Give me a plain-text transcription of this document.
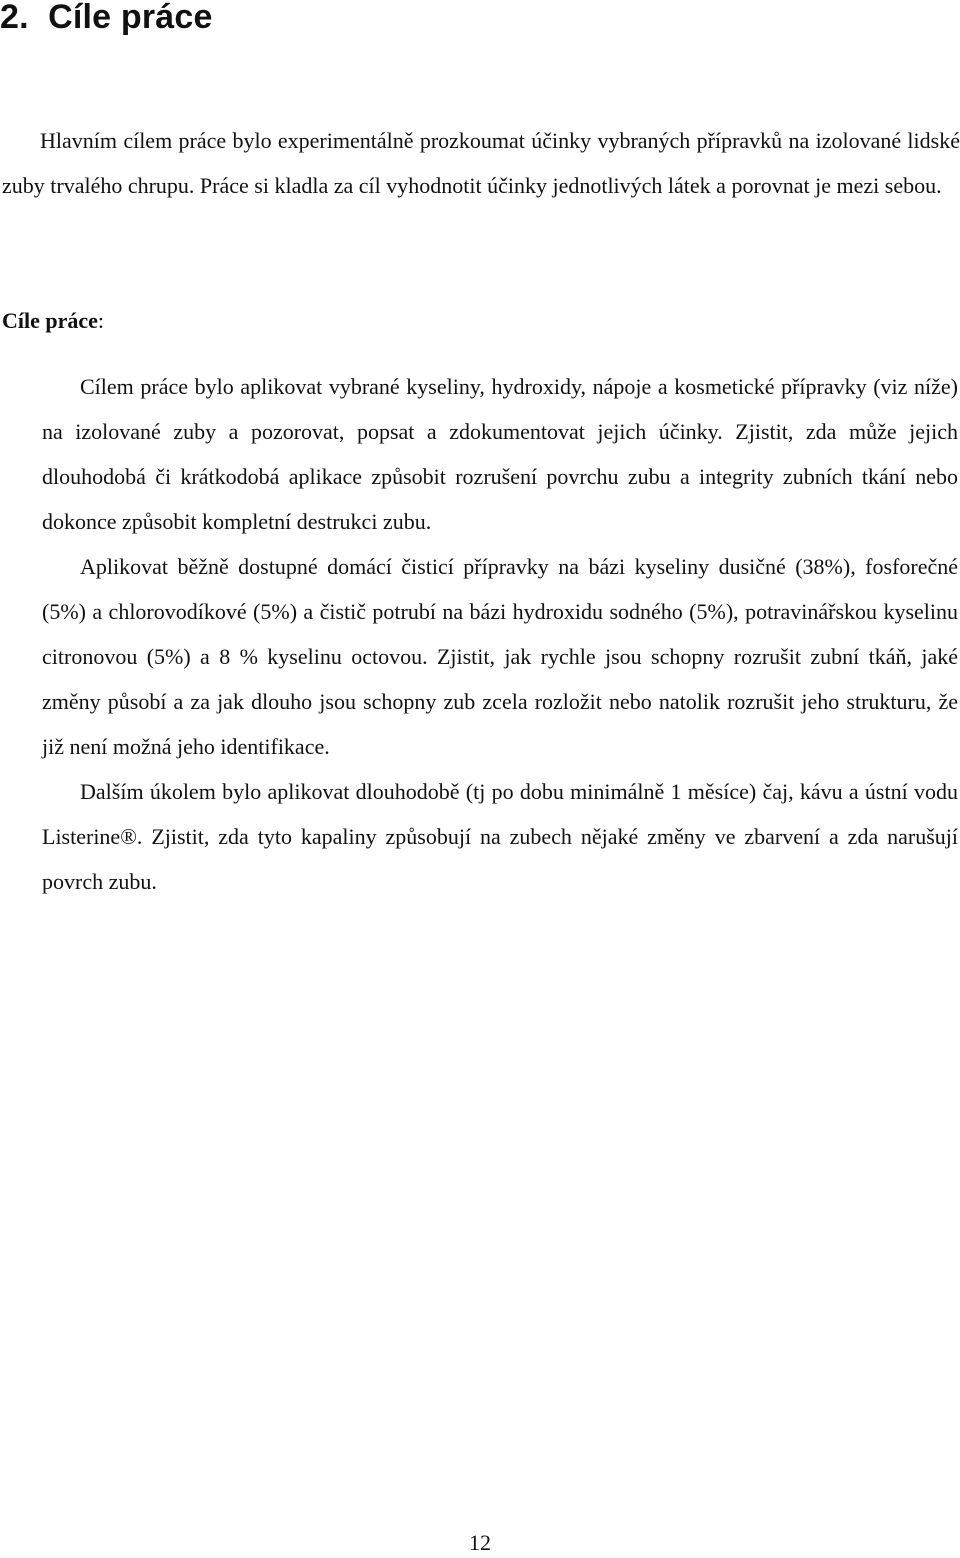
2. Cíle práce

Hlavním cílem práce bylo experimentálně prozkoumat účinky vybraných přípravků na izolované lidské zuby trvalého chrupu. Práce si kladla za cíl vyhodnotit účinky jednotlivých látek a porovnat je mezi sebou.

Cíle práce:

Cílem práce bylo aplikovat vybrané kyseliny, hydroxidy, nápoje a kosmetické přípravky (viz níže) na izolované zuby a pozorovat, popsat a zdokumentovat jejich účinky. Zjistit, zda může jejich dlouhodobá či krátkodobá aplikace způsobit rozrušení povrchu zubu a integrity zubních tkání nebo dokonce způsobit kompletní destrukci zubu.

Aplikovat běžně dostupné domácí čisticí přípravky na bázi kyseliny dusičné (38%), fosforečné (5%) a chlorovodíkové (5%) a čistič potrubí na bázi hydroxidu sodného (5%), potravinářskou kyselinu citronovou (5%) a 8 % kyselinu octovou. Zjistit, jak rychle jsou schopny rozrušit zubní tkáň, jaké změny působí a za jak dlouho jsou schopny zub zcela rozložit nebo natolik rozrušit jeho strukturu, že již není možná jeho identifikace.

Dalším úkolem bylo aplikovat dlouhodobě (tj po dobu minimálně 1 měsíce) čaj, kávu a ústní vodu Listerine®. Zjistit, zda tyto kapaliny způsobují na zubech nějaké změny ve zbarvení a zda narušují povrch zubu.

12
